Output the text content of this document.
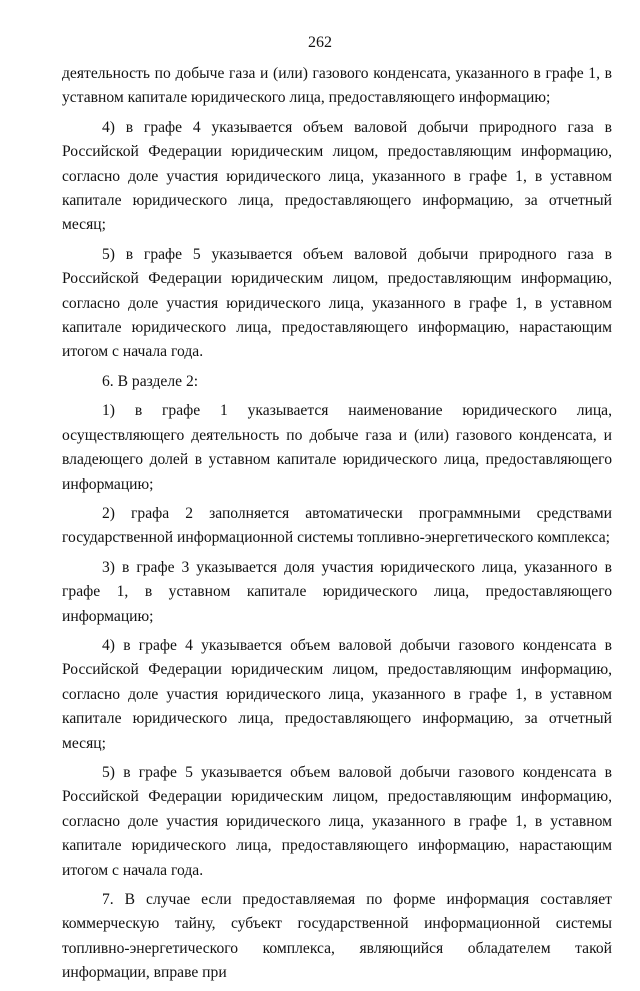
262

деятельность по добыче газа и (или) газового конденсата, указанного в графе 1, в уставном капитале юридического лица, предоставляющего информацию;

4) в графе 4 указывается объем валовой добычи природного газа в Российской Федерации юридическим лицом, предоставляющим информацию, согласно доле участия юридического лица, указанного в графе 1, в уставном капитале юридического лица, предоставляющего информацию, за отчетный месяц;

5) в графе 5 указывается объем валовой добычи природного газа в Российской Федерации юридическим лицом, предоставляющим информацию, согласно доле участия юридического лица, указанного в графе 1, в уставном капитале юридического лица, предоставляющего информацию, нарастающим итогом с начала года.

6. В разделе 2:

1) в графе 1 указывается наименование юридического лица, осуществляющего деятельность по добыче газа и (или) газового конденсата, и владеющего долей в уставном капитале юридического лица, предоставляющего информацию;

2) графа 2 заполняется автоматически программными средствами государственной информационной системы топливно-энергетического комплекса;

3) в графе 3 указывается доля участия юридического лица, указанного в графе 1, в уставном капитале юридического лица, предоставляющего информацию;

4) в графе 4 указывается объем валовой добычи газового конденсата в Российской Федерации юридическим лицом, предоставляющим информацию, согласно доле участия юридического лица, указанного в графе 1, в уставном капитале юридического лица, предоставляющего информацию, за отчетный месяц;

5) в графе 5 указывается объем валовой добычи газового конденсата в Российской Федерации юридическим лицом, предоставляющим информацию, согласно доле участия юридического лица, указанного в графе 1, в уставном капитале юридического лица, предоставляющего информацию, нарастающим итогом с начала года.

7. В случае если предоставляемая по форме информация составляет коммерческую тайну, субъект государственной информационной системы топливно-энергетического комплекса, являющийся обладателем такой информации, вправе при
